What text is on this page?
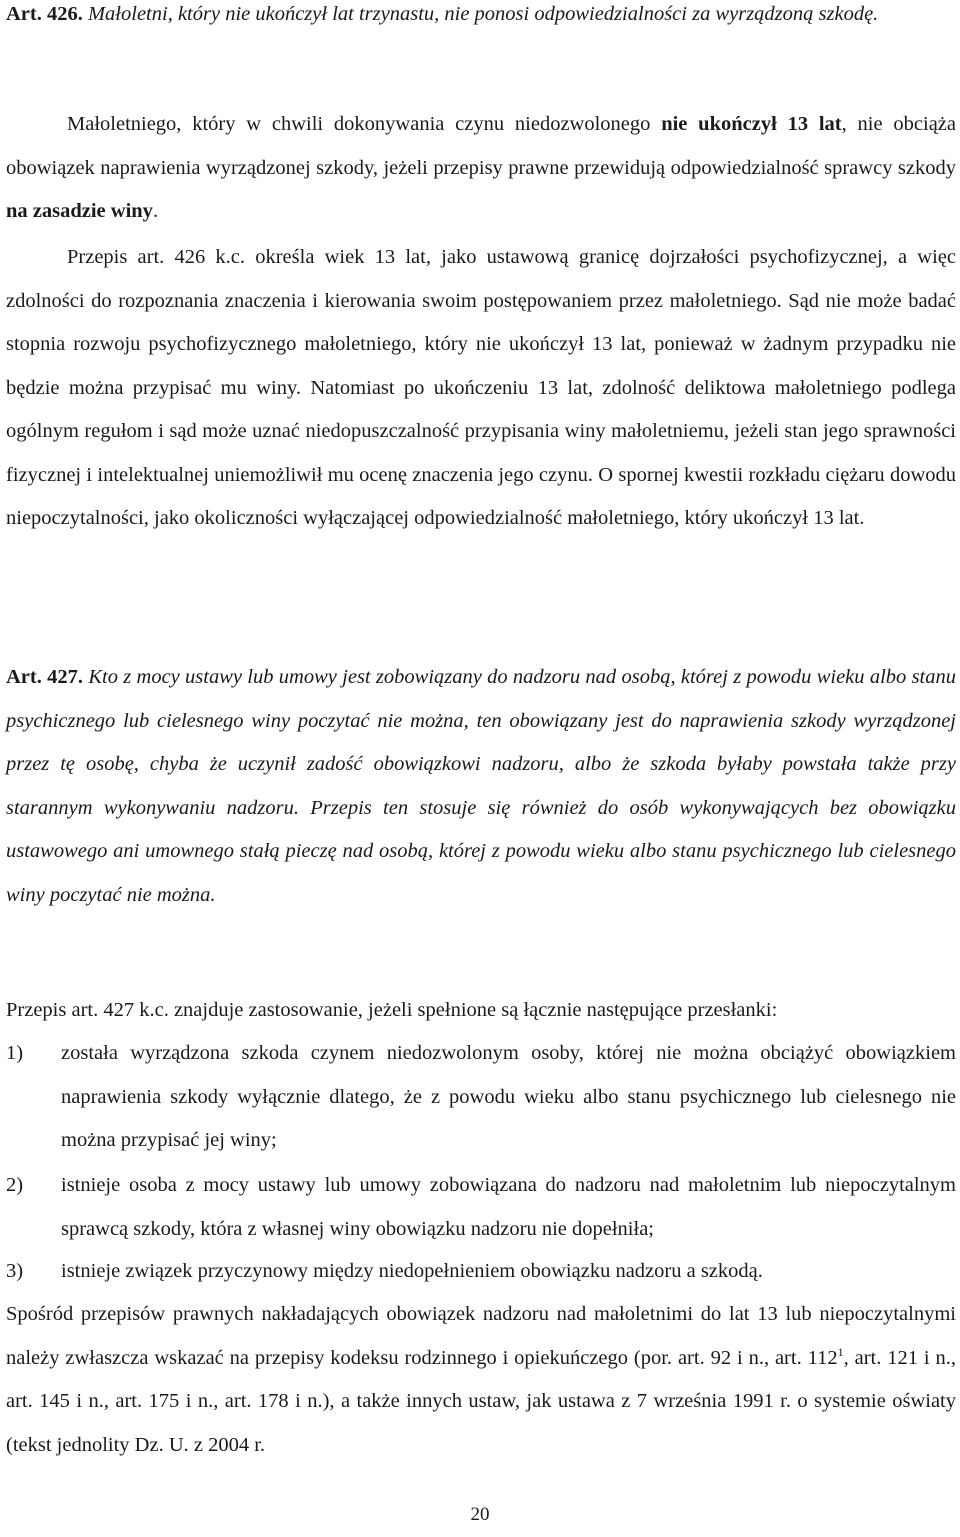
Art. 426. Małoletni, który nie ukończył lat trzynastu, nie ponosi odpowiedzialności za wyrządzoną szkodę.

Małoletniego, który w chwili dokonywania czynu niedozwolonego nie ukończył 13 lat, nie obciąża obowiązek naprawienia wyrządzonej szkody, jeżeli przepisy prawne przewidują odpowiedzialność sprawcy szkody na zasadzie winy.

Przepis art. 426 k.c. określa wiek 13 lat, jako ustawową granicę dojrzałości psychofizycznej, a więc zdolności do rozpoznania znaczenia i kierowania swoim postępowaniem przez małoletniego. Sąd nie może badać stopnia rozwoju psychofizycznego małoletniego, który nie ukończył 13 lat, ponieważ w żadnym przypadku nie będzie można przypisać mu winy. Natomiast po ukończeniu 13 lat, zdolność deliktowa małoletniego podlega ogólnym regułom i sąd może uznać niedopuszczalność przypisania winy małoletniemu, jeżeli stan jego sprawności fizycznej i intelektualnej uniemożliwił mu ocenę znaczenia jego czynu. O spornej kwestii rozkładu ciężaru dowodu niepoczytalności, jako okoliczności wyłączającej odpowiedzialność małoletniego, który ukończył 13 lat.

Art. 427. Kto z mocy ustawy lub umowy jest zobowiązany do nadzoru nad osobą, której z powodu wieku albo stanu psychicznego lub cielesnego winy poczytać nie można, ten obowiązany jest do naprawienia szkody wyrządzonej przez tę osobę, chyba że uczynił zadość obowiązkowi nadzoru, albo że szkoda byłaby powstała także przy starannym wykonywaniu nadzoru. Przepis ten stosuje się również do osób wykonywających bez obowiązku ustawowego ani umownego stałą pieczę nad osobą, której z powodu wieku albo stanu psychicznego lub cielesnego winy poczytać nie można.

Przepis art. 427 k.c. znajduje zastosowanie, jeżeli spełnione są łącznie następujące przesłanki:

1) została wyrządzona szkoda czynem niedozwolonym osoby, której nie można obciążyć obowiązkiem naprawienia szkody wyłącznie dlatego, że z powodu wieku albo stanu psychicznego lub cielesnego nie można przypisać jej winy;
2) istnieje osoba z mocy ustawy lub umowy zobowiązana do nadzoru nad małoletnim lub niepoczytalnym sprawcą szkody, która z własnej winy obowiązku nadzoru nie dopełniła;
3) istnieje związek przyczynowy między niedopełnieniem obowiązku nadzoru a szkodą.

Spośród przepisów prawnych nakładających obowiązek nadzoru nad małoletnimi do lat 13 lub niepoczytalnymi należy zwłaszcza wskazać na przepisy kodeksu rodzinnego i opiekuńczego (por. art. 92 i n., art. $112^1$, art. 121 i n., art. 145 i n., art. 175 i n., art. 178 i n.), a także innych ustaw, jak ustawa z 7 września 1991 r. o systemie oświaty (tekst jednolity Dz. U. z 2004 r.

20
